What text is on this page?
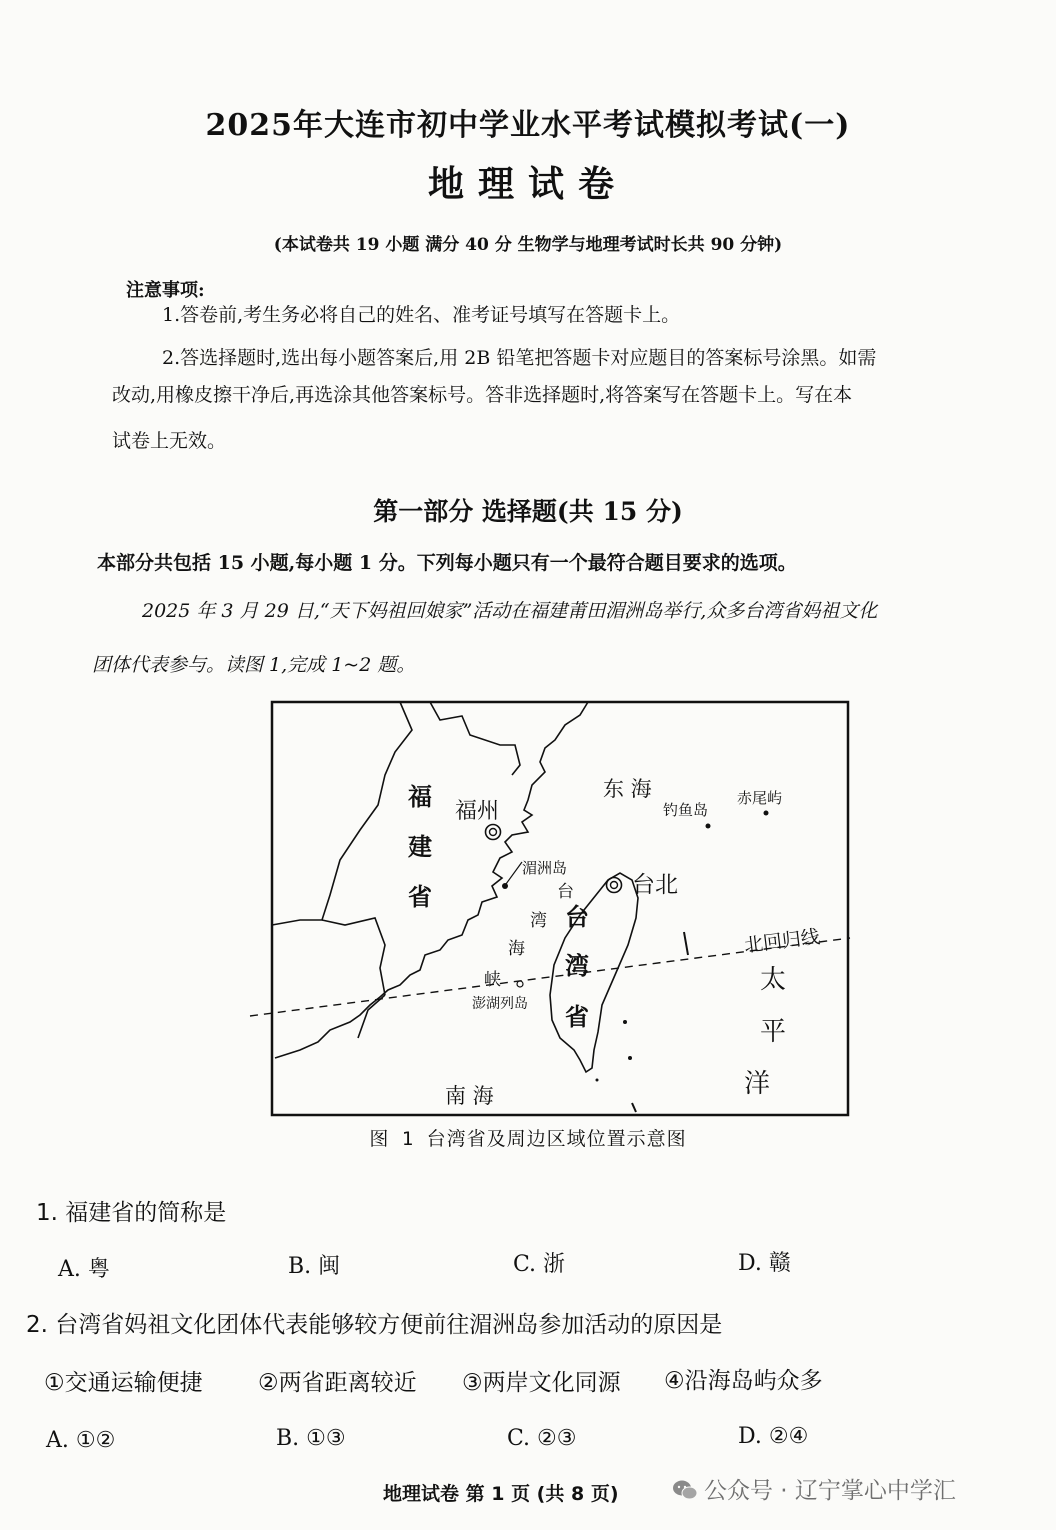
2025年大连市初中学业水平考试模拟考试(一)
地理试卷
(本试卷共 19 小题 满分 40 分 生物学与地理考试时长共 90 分钟)
注意事项:
1.答卷前,考生务必将自己的姓名、准考证号填写在答题卡上。
2.答选择题时,选出每小题答案后,用 2B 铅笔把答题卡对应题目的答案标号涂黑。如需
改动,用橡皮擦干净后,再选涂其他答案标号。答非选择题时,将答案写在答题卡上。写在本
试卷上无效。
第一部分 选择题(共 15 分)
本部分共包括 15 小题,每小题 1 分。下列每小题只有一个最符合题目要求的选项。
2025 年 3 月 29 日,“天下妈祖回娘家”活动在福建莆田湄洲岛举行,众多台湾省妈祖文化
团体代表参与。读图 1,完成 1~2 题。
福
建
省
福州
湄洲岛
东 海
钓鱼岛
赤尾屿
台北
台
湾
海
峡
澎湖列岛
台
湾
省
北回归线
太
平
洋
南 海
图 1 台湾省及周边区域位置示意图
1. 福建省的简称是
A. 粤	B. 闽	C. 浙	D. 赣
2. 台湾省妈祖文化团体代表能够较方便前往湄洲岛参加活动的原因是
①交通运输便捷 ②两省距离较近 ③两岸文化同源 ④沿海岛屿众多
A. ①②	B. ①③	C. ②③	D. ②④
地理试卷 第 1 页 (共 8 页)	公众号 · 辽宁掌心中学汇
